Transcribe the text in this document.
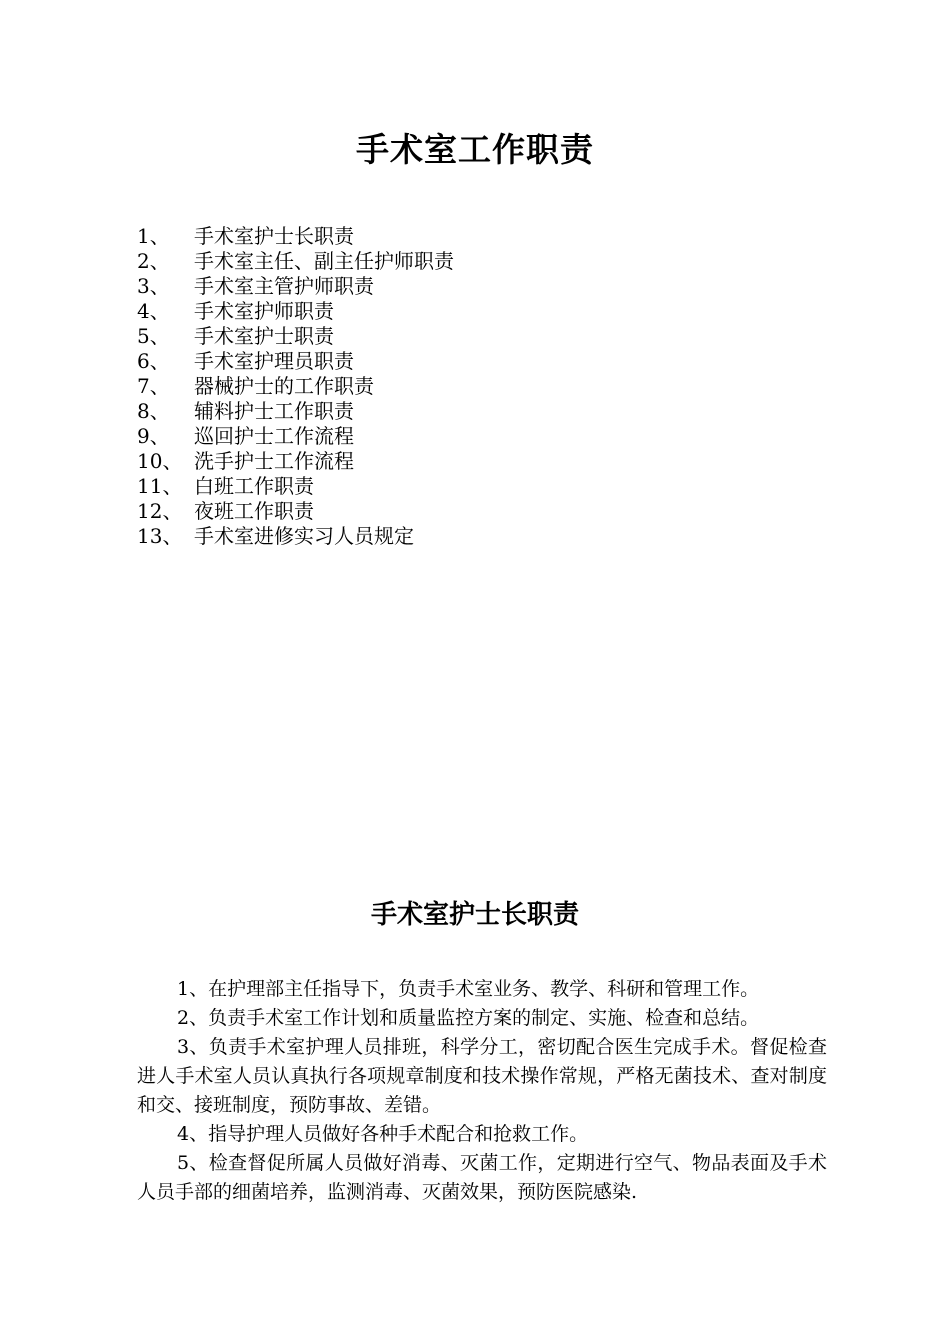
手术室工作职责
1、 手术室护士长职责
2、 手术室主任、副主任护师职责
3、 手术室主管护师职责
4、 手术室护师职责
5、 手术室护士职责
6、 手术室护理员职责
7、 器械护士的工作职责
8、 辅料护士工作职责
9、 巡回护士工作流程
10、 洗手护士工作流程
11、 白班工作职责
12、 夜班工作职责
13、 手术室进修实习人员规定
手术室护士长职责

1、在护理部主任指导下，负责手术室业务、教学、科研和管理工作。

2、负责手术室工作计划和质量监控方案的制定、实施、检查和总结。

3、负责手术室护理人员排班，科学分工，密切配合医生完成手术。督促检查进人手术室人员认真执行各项规章制度和技术操作常规，严格无菌技术、查对制度和交、接班制度，预防事故、差错。

4、指导护理人员做好各种手术配合和抢救工作。

5、检查督促所属人员做好消毒、灭菌工作，定期进行空气、物品表面及手术人员手部的细菌培养，监测消毒、灭菌效果，预防医院感染.
